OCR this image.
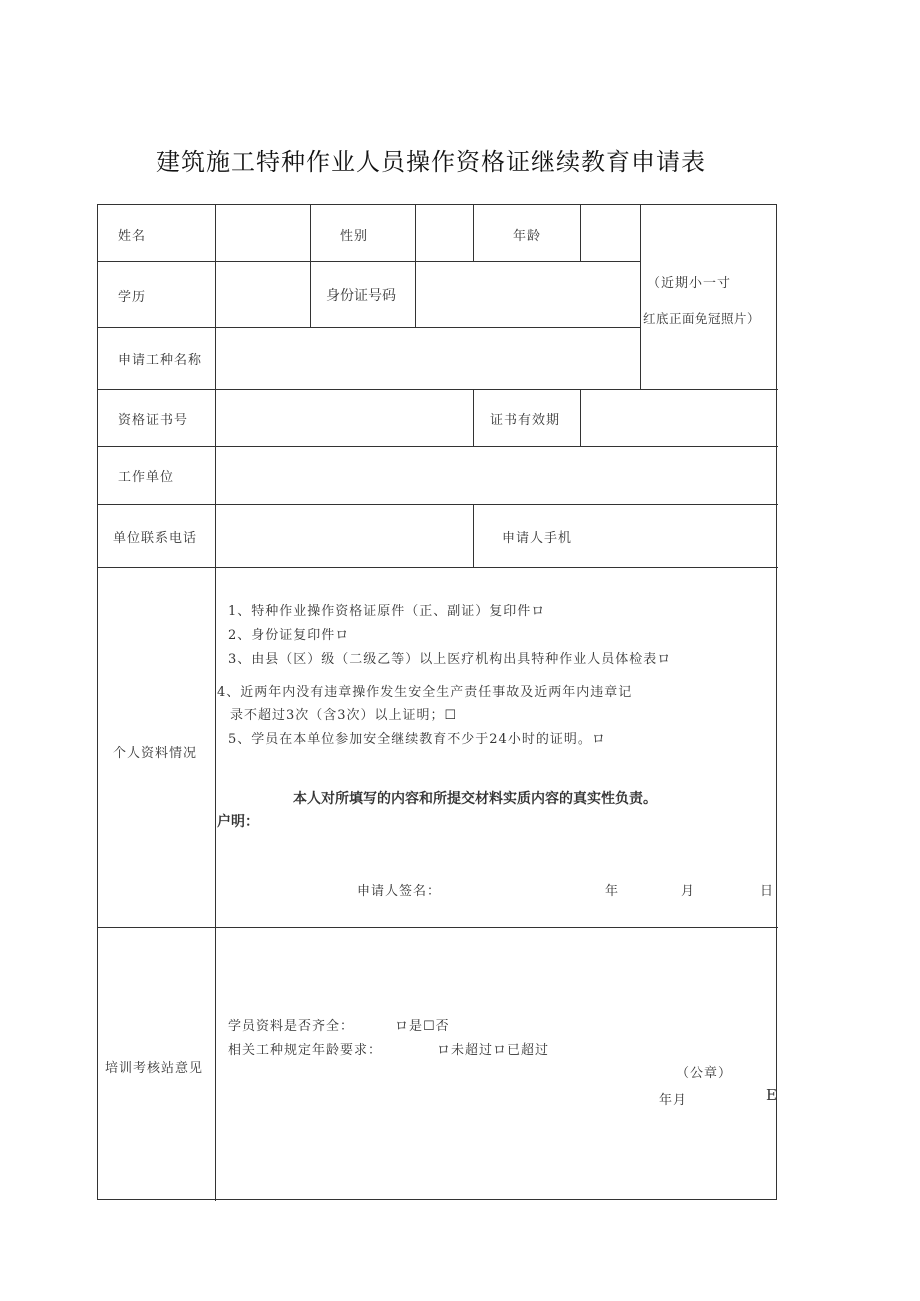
建筑施工特种作业人员操作资格证继续教育申请表
姓名	性别	年龄
学历	身份证号码
（近期小一寸
红底正面免冠照片）
申请工种名称
资格证书号	证书有效期
工作单位
单位联系电话	申请人手机
个人资料情况
1、特种作业操作资格证原件（正、副证）复印件ロ
2、身份证复印件ロ
3、由县（区）级（二级乙等）以上医疗机构出具特种作业人员体检表ロ
4、近两年内没有违章操作发生安全生产责任事故及近两年内违章记
录不超过3次（含3次）以上证明；☐
5、学员在本单位参加安全继续教育不少于24小时的证明。ロ
本人对所填写的内容和所提交材料实质内容的真实性负责。
户明：
申请人签名：	年	月	日
培训考核站意见
学员资料是否齐全：	ロ是☐否
相关工种规定年龄要求：	ロ未超过ロ已超过
（公章）
年月	E
